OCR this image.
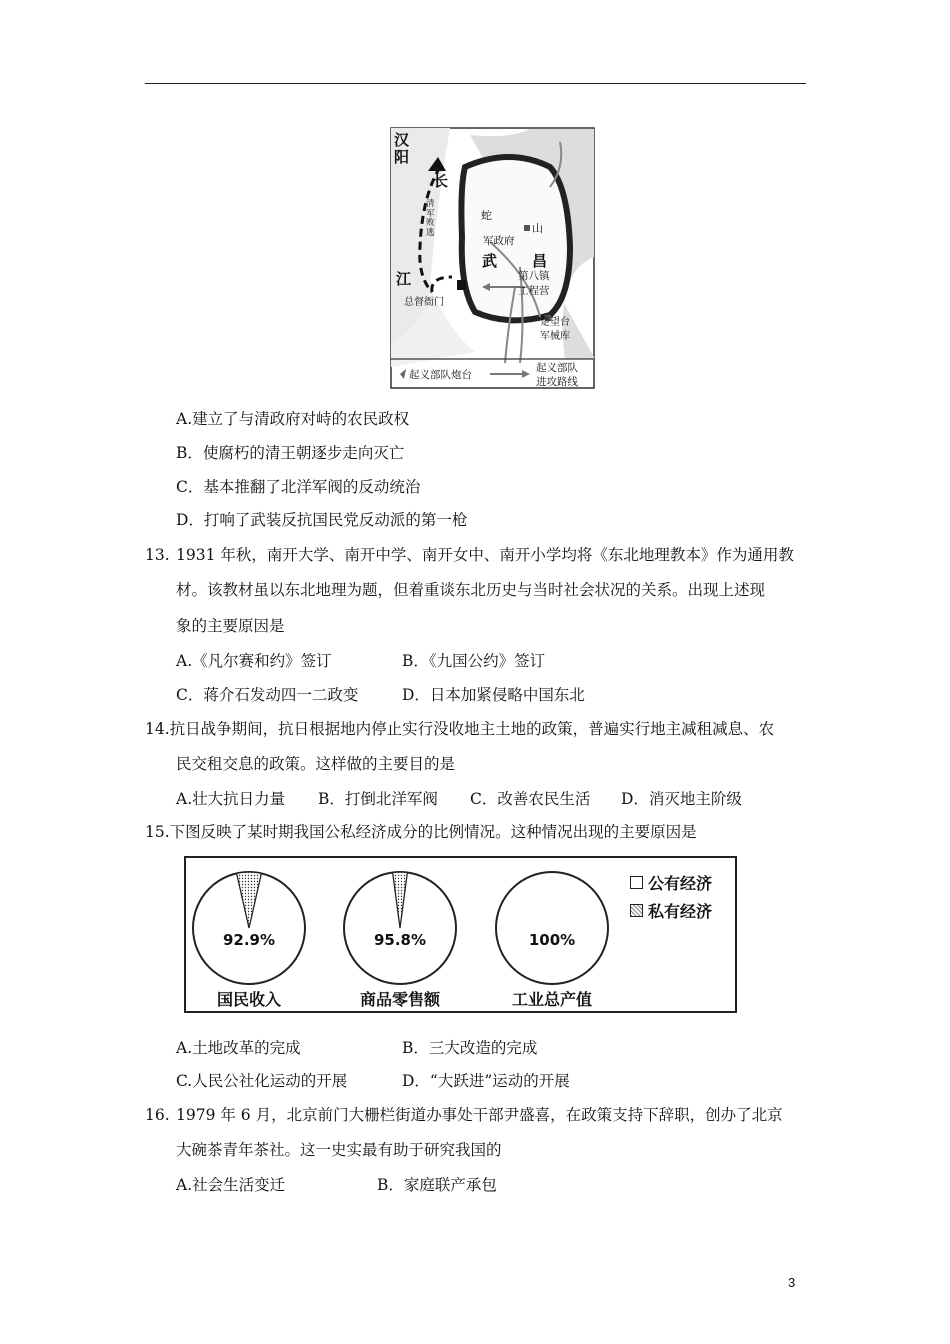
汉阳
长
江
清军败逃
蛇
山
军政府
武 昌
第八镇
工程营
总督衙门
楚望台
军械库
起义部队炮台
起义部队
进攻路线
A.建立了与清政府对峙的农民政权
B．使腐朽的清王朝逐步走向灭亡
C．基本推翻了北洋军阀的反动统治
D．打响了武装反抗国民党反动派的第一枪
13. 1931 年秋，南开大学、南开中学、南开女中、南开小学均将《东北地理教本》作为通用教
材。该教材虽以东北地理为题，但着重谈东北历史与当时社会状况的关系。出现上述现
象的主要原因是
A.《凡尔赛和约》签订	B．《九国公约》签订
C．蒋介石发动四一二政变	D．日本加紧侵略中国东北
14.抗日战争期间，抗日根据地内停止实行没收地主土地的政策，普遍实行地主减租减息、农
民交租交息的政策。这样做的主要目的是
A.壮大抗日力量 B．打倒北洋军阀 C．改善农民生活 D．消灭地主阶级
15.下图反映了某时期我国公私经济成分的比例情况。这种情况出现的主要原因是
92.9%	95.8%	100%
国民收入	商品零售额	工业总产值
公有经济
私有经济
A.土地改革的完成	B．三大改造的完成
C.人民公社化运动的开展	D．“大跃进”运动的开展
16. 1979 年 6 月，北京前门大栅栏街道办事处干部尹盛喜，在政策支持下辞职，创办了北京
大碗茶青年茶社。这一史实最有助于研究我国的
A.社会生活变迁	B．家庭联产承包
3
